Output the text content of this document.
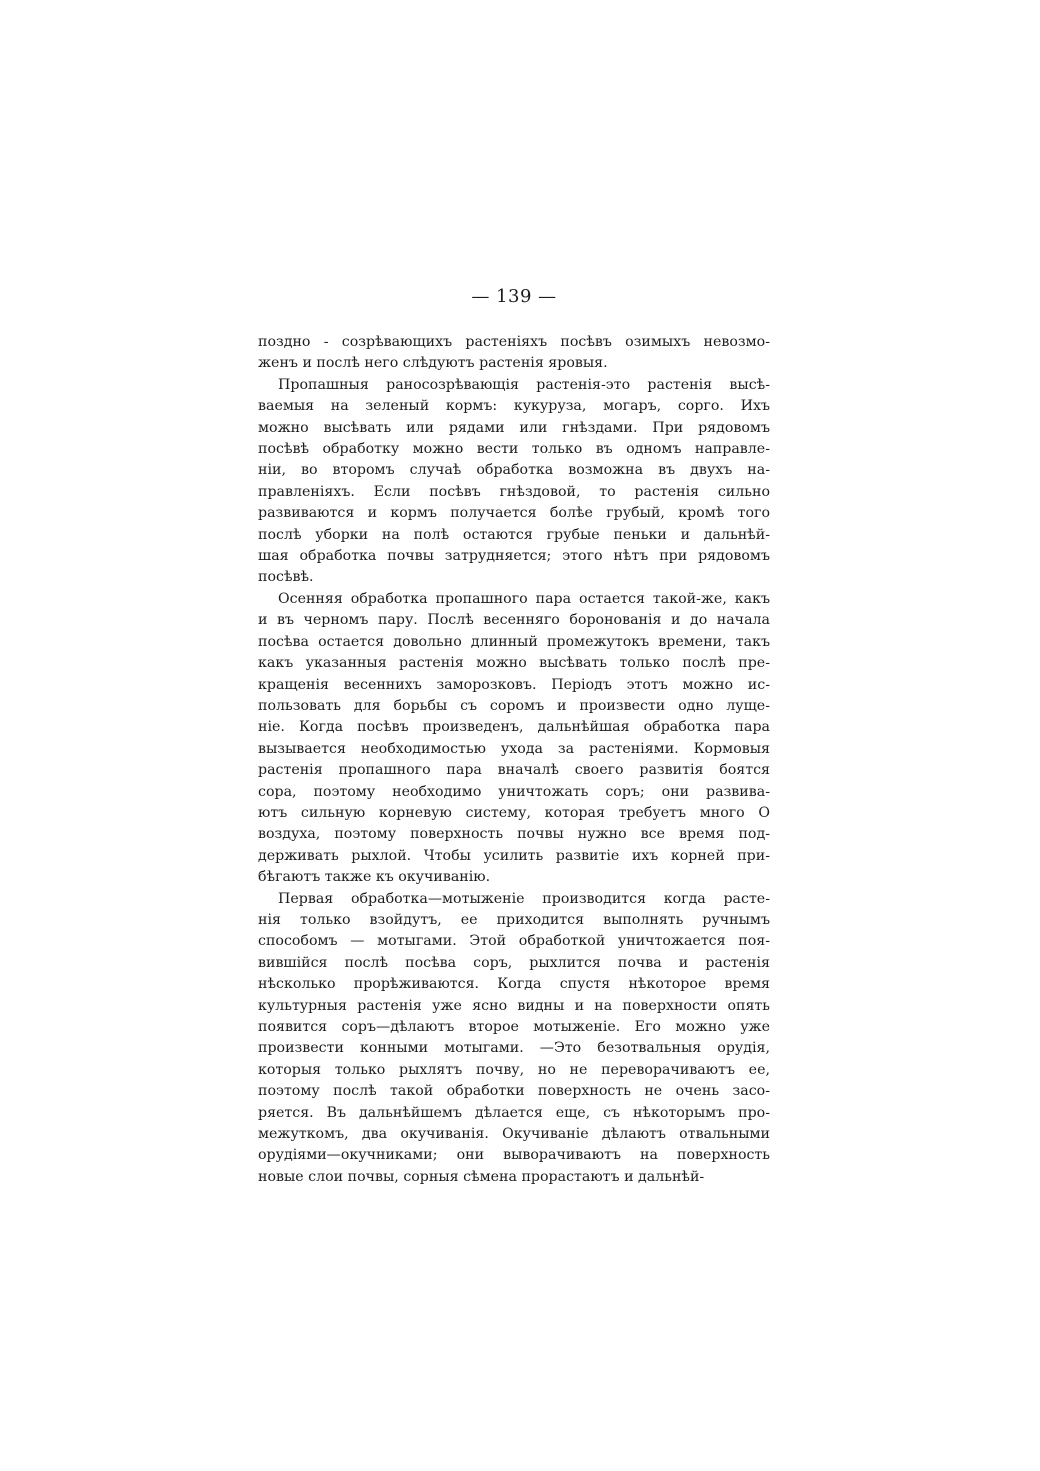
— 139 —
поздно - созрѣвающихъ растеніяхъ посѣвъ озимыхъ невозмо-
женъ и послѣ него слѣдуютъ растенія яровыя.
Пропашныя раносозрѣвающія растенія-это растенія высѣ-
ваемыя на зеленый кормъ: кукуруза, могаръ, сорго. Ихъ
можно высѣвать или рядами или гнѣздами. При рядовомъ
посѣвѣ обработку можно вести только въ одномъ направле-
ніи, во второмъ случаѣ обработка возможна въ двухъ на-
правленіяхъ. Если посѣвъ гнѣздовой, то растенія сильно
развиваются и кормъ получается болѣе грубый, кромѣ того
послѣ уборки на полѣ остаются грубые пеньки и дальнѣй-
шая обработка почвы затрудняется; этого нѣтъ при рядовомъ
посѣвѣ.
Осенняя обработка пропашного пара остается такой-же, какъ
и въ черномъ пару. Послѣ весенняго боронованія и до начала
посѣва остается довольно длинный промежутокъ времени, такъ
какъ указанныя растенія можно высѣвать только послѣ пре-
кращенія весеннихъ заморозковъ. Періодъ этотъ можно ис-
пользовать для борьбы съ соромъ и произвести одно луще-
ніе. Когда посѣвъ произведенъ, дальнѣйшая обработка пара
вызывается необходимостью ухода за растеніями. Кормовыя
растенія пропашного пара вначалѣ своего развитія боятся
сора, поэтому необходимо уничтожать соръ; они развива-
ютъ сильную корневую систему, которая требуетъ много О
воздуха, поэтому поверхность почвы нужно все время под-
держивать рыхлой. Чтобы усилить развитіе ихъ корней при-
бѣгаютъ также къ окучиванію.
Первая обработка—мотыженіе производится когда расте-
нія только взойдутъ, ее приходится выполнять ручнымъ
способомъ — мотыгами. Этой обработкой уничтожается поя-
вившійся послѣ посѣва соръ, рыхлится почва и растенія
нѣсколько прорѣживаются. Когда спустя нѣкоторое время
культурныя растенія уже ясно видны и на поверхности опять
появится соръ—дѣлаютъ второе мотыженіе. Его можно уже
произвести конными мотыгами. —Это безотвальныя орудія,
которыя только рыхлятъ почву, но не переворачиваютъ ее,
поэтому послѣ такой обработки поверхность не очень засо-
ряется. Въ дальнѣйшемъ дѣлается еще, съ нѣкоторымъ про-
межуткомъ, два окучиванія. Окучиваніе дѣлаютъ отвальными
орудіями—окучниками; они выворачиваютъ на поверхность
новые слои почвы, сорныя сѣмена прорастаютъ и дальнѣй-
